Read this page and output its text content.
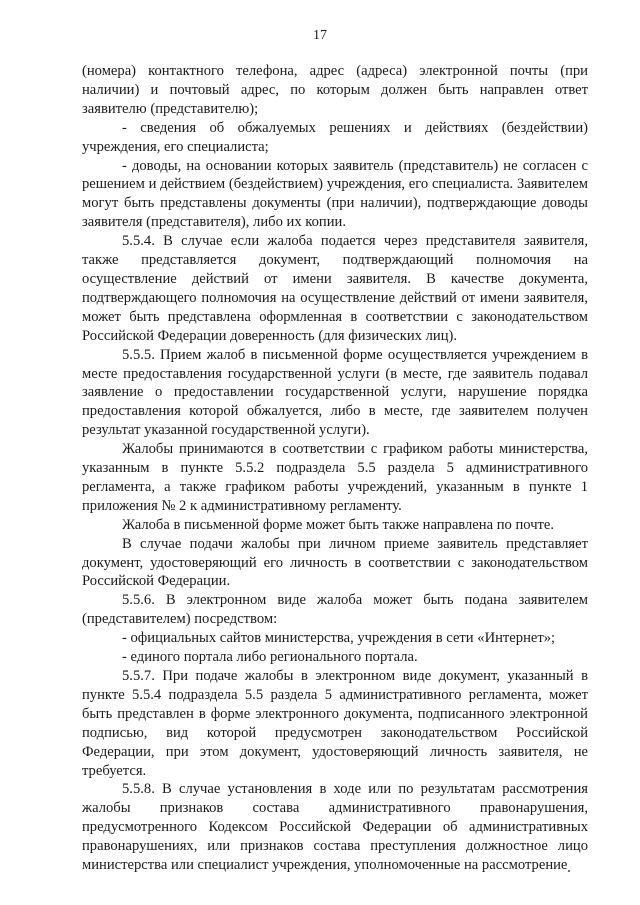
17

(номера) контактного телефона, адрес (адреса) электронной почты (при наличии) и почтовый адрес, по которым должен быть направлен ответ заявителю (представителю);

- сведения об обжалуемых решениях и действиях (бездействии) учреждения, его специалиста;

- доводы, на основании которых заявитель (представитель) не согласен с решением и действием (бездействием) учреждения, его специалиста. Заявителем могут быть представлены документы (при наличии), подтверждающие доводы заявителя (представителя), либо их копии.

5.5.4. В случае если жалоба подается через представителя заявителя, также представляется документ, подтверждающий полномочия на осуществление действий от имени заявителя. В качестве документа, подтверждающего полномочия на осуществление действий от имени заявителя, может быть представлена оформленная в соответствии с законодательством Российской Федерации доверенность (для физических лиц).

5.5.5. Прием жалоб в письменной форме осуществляется учреждением в месте предоставления государственной услуги (в месте, где заявитель подавал заявление о предоставлении государственной услуги, нарушение порядка предоставления которой обжалуется, либо в месте, где заявителем получен результат указанной государственной услуги).

Жалобы принимаются в соответствии с графиком работы министерства, указанным в пункте 5.5.2 подраздела 5.5 раздела 5 административного регламента, а также графиком работы учреждений, указанным в пункте 1 приложения № 2 к административному регламенту.

Жалоба в письменной форме может быть также направлена по почте.

В случае подачи жалобы при личном приеме заявитель представляет документ, удостоверяющий его личность в соответствии с законодательством Российской Федерации.

5.5.6. В электронном виде жалоба может быть подана заявителем (представителем) посредством:

- официальных сайтов министерства, учреждения в сети «Интернет»;

- единого портала либо регионального портала.

5.5.7. При подаче жалобы в электронном виде документ, указанный в пункте 5.5.4 подраздела 5.5 раздела 5 административного регламента, может быть представлен в форме электронного документа, подписанного электронной подписью, вид которой предусмотрен законодательством Российской Федерации, при этом документ, удостоверяющий личность заявителя, не требуется.

5.5.8. В случае установления в ходе или по результатам рассмотрения жалобы признаков состава административного правонарушения, предусмотренного Кодексом Российской Федерации об административных правонарушениях, или признаков состава преступления должностное лицо министерства или специалист учреждения, уполномоченные на рассмотрение
